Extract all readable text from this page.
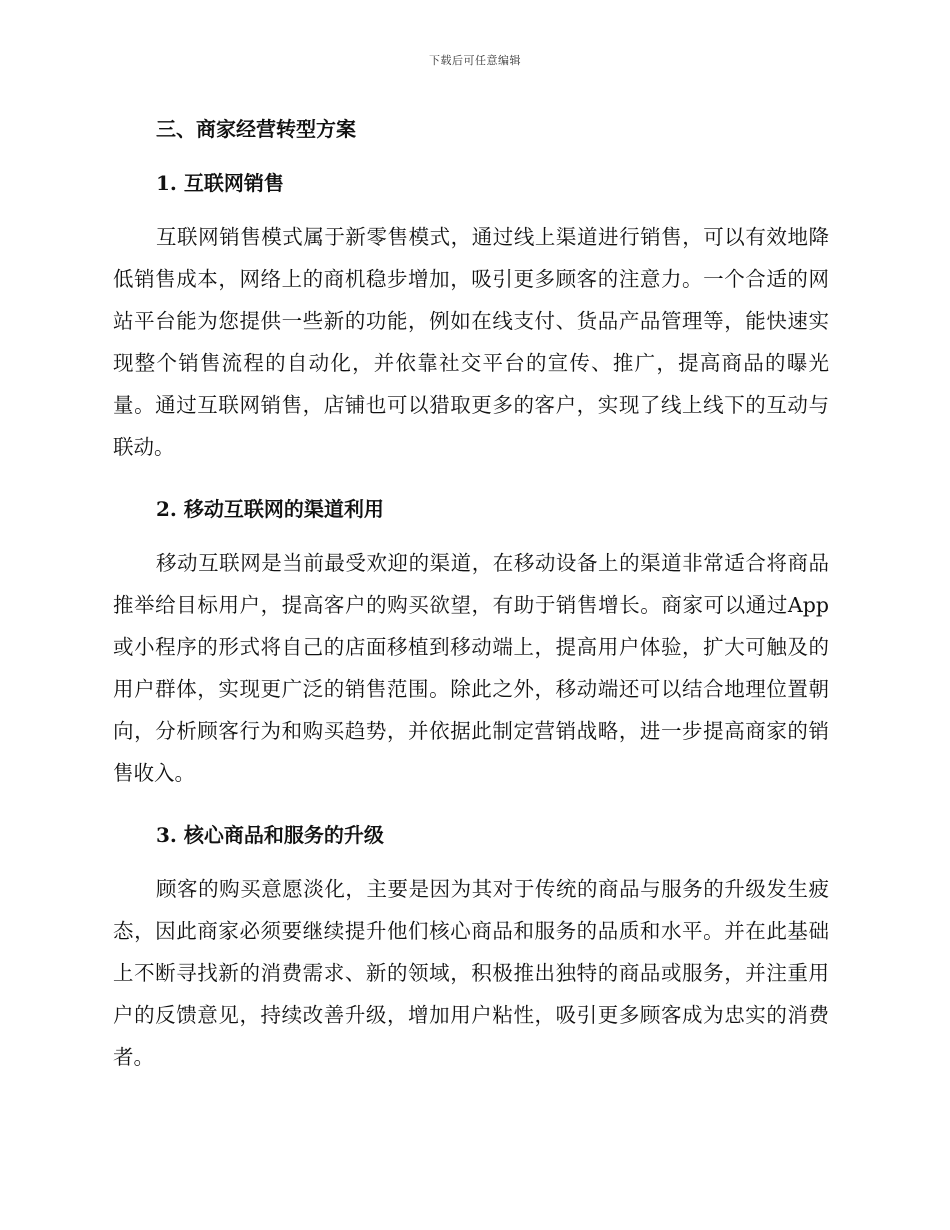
下载后可任意编辑
三、商家经营转型方案
1. 互联网销售

互联网销售模式属于新零售模式，通过线上渠道进行销售，可以有效地降低销售成本，网络上的商机稳步增加，吸引更多顾客的注意力。一个合适的网站平台能为您提供一些新的功能，例如在线支付、货品产品管理等，能快速实现整个销售流程的自动化，并依靠社交平台的宣传、推广，提高商品的曝光量。通过互联网销售，店铺也可以猎取更多的客户，实现了线上线下的互动与联动。

2. 移动互联网的渠道利用

移动互联网是当前最受欢迎的渠道，在移动设备上的渠道非常适合将商品推举给目标用户，提高客户的购买欲望，有助于销售增长。商家可以通过App或小程序的形式将自己的店面移植到移动端上，提高用户体验，扩大可触及的用户群体，实现更广泛的销售范围。除此之外，移动端还可以结合地理位置朝向，分析顾客行为和购买趋势，并依据此制定营销战略，进一步提高商家的销售收入。

3. 核心商品和服务的升级

顾客的购买意愿淡化，主要是因为其对于传统的商品与服务的升级发生疲态，因此商家必须要继续提升他们核心商品和服务的品质和水平。并在此基础上不断寻找新的消费需求、新的领域，积极推出独特的商品或服务，并注重用户的反馈意见，持续改善升级，增加用户粘性，吸引更多顾客成为忠实的消费者。
